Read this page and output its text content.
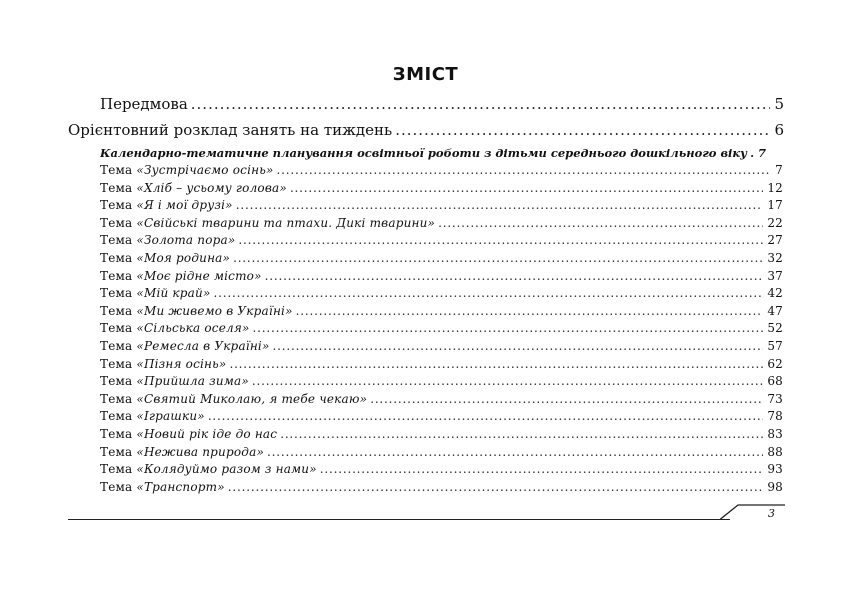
ЗМІСТ
Передмова .....	5
Орієнтовний розклад занять на тиждень .....	6
Календарно-тематичне планування освітньої роботи з дітьми середнього дошкільного віку ..... 7
Тема «Зустрічаємо осінь» .....	7
Тема «Хліб – усьому голова» .....	12
Тема «Я і мої друзі» .....	17
Тема «Свійські тварини та птахи. Дикі тварини» .....	22
Тема «Золота пора» .....	27
Тема «Моя родина» .....	32
Тема «Моє рідне місто» .....	37
Тема «Мій край» .....	42
Тема «Ми живемо в Україні» .....	47
Тема «Сільська оселя» .....	52
Тема «Ремесла в Україні» .....	57
Тема «Пізня осінь» .....	62
Тема «Прийшла зима» .....	68
Тема «Святий Миколаю, я тебе чекаю» .....	73
Тема «Іграшки» .....	78
Тема «Новий рік іде до нас .....	83
Тема «Нежива природа» .....	88
Тема «Колядуймо разом з нами» .....	93
Тема «Транспорт» .....	98
3
